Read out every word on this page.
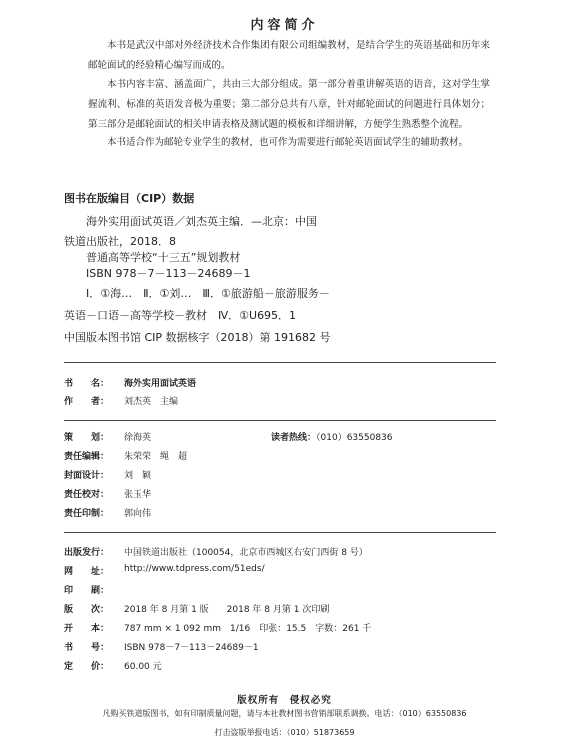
内容简介
本书是武汉中部对外经济技术合作集团有限公司组编教材，是结合学生的英语基础和历年来邮轮面试的经验精心编写而成的。
本书内容丰富、涵盖面广，共由三大部分组成。第一部分着重讲解英语的语音，这对学生掌握流利、标准的英语发音极为重要；第二部分总共有八章，针对邮轮面试的问题进行具体划分；第三部分是邮轮面试的相关申请表格及测试题的模板和详细讲解，方便学生熟悉整个流程。
本书适合作为邮轮专业学生的教材，也可作为需要进行邮轮英语面试学生的辅助教材。
图书在版编目（CIP）数据
海外实用面试英语／刘杰英主编．—北京：中国
铁道出版社，2018．8
普通高等学校“十三五”规划教材
ISBN 978－7－113－24689－1
Ⅰ．①海…　Ⅱ．①刘…　Ⅲ．①旅游船－旅游服务－
英语－口语－高等学校－教材　Ⅳ．①U695．1
中国版本图书馆 CIP 数据核字（2018）第 191682 号
书　　名：	海外实用面试英语
作　　者：	刘杰英　主编
策　　划：	徐海英	读者热线：（010）63550836
责任编辑：	朱荣荣　绳　超
封面设计：	刘　颖
责任校对：	张玉华
责任印制：	郭向伟
出版发行：	中国铁道出版社（100054，北京市西城区右安门西街 8 号）
网　　址：	http://www.tdpress.com/51eds/
印　　刷：
版　　次：	2018 年 8 月第 1 版　　2018 年 8 月第 1 次印刷
开　　本：	787 mm × 1 092 mm　1/16　印张：15.5　字数：261 千
书　　号：	ISBN 978－7－113－24689－1
定　　价：	60.00 元
版权所有　侵权必究
凡购买铁道版图书，如有印制质量问题，请与本社教材图书营销部联系调换。电话：（010）63550836
打击盗版举报电话：（010）51873659
